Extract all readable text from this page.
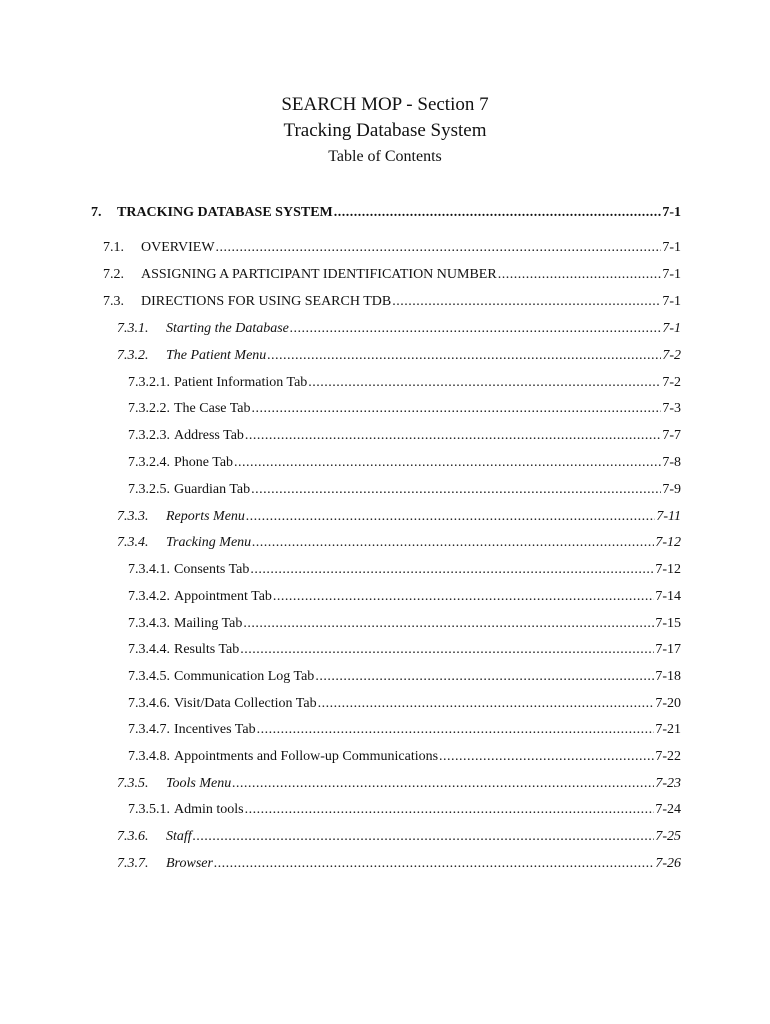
SEARCH MOP - Section 7
Tracking Database System
Table of Contents
7.	TRACKING DATABASE SYSTEM .....	7-1
7.1.	OVERVIEW .....	7-1
7.2.	ASSIGNING A PARTICIPANT IDENTIFICATION NUMBER .....	7-1
7.3.	DIRECTIONS FOR USING SEARCH TDB .....	7-1
7.3.1.	Starting the Database .....	7-1
7.3.2.	The Patient Menu .....	7-2
7.3.2.1. Patient Information Tab .....	7-2
7.3.2.2. The Case Tab .....	7-3
7.3.2.3. Address Tab .....	7-7
7.3.2.4. Phone Tab .....	7-8
7.3.2.5. Guardian Tab .....	7-9
7.3.3.	Reports Menu .....	7-11
7.3.4.	Tracking Menu .....	7-12
7.3.4.1. Consents Tab .....	7-12
7.3.4.2. Appointment Tab .....	7-14
7.3.4.3. Mailing Tab .....	7-15
7.3.4.4. Results Tab .....	7-17
7.3.4.5. Communication Log Tab .....	7-18
7.3.4.6. Visit/Data Collection Tab .....	7-20
7.3.4.7. Incentives Tab .....	7-21
7.3.4.8. Appointments and Follow-up Communications .....	7-22
7.3.5.	Tools Menu .....	7-23
7.3.5.1. Admin tools .....	7-24
7.3.6.	Staff .....	7-25
7.3.7.	Browser .....	7-26
